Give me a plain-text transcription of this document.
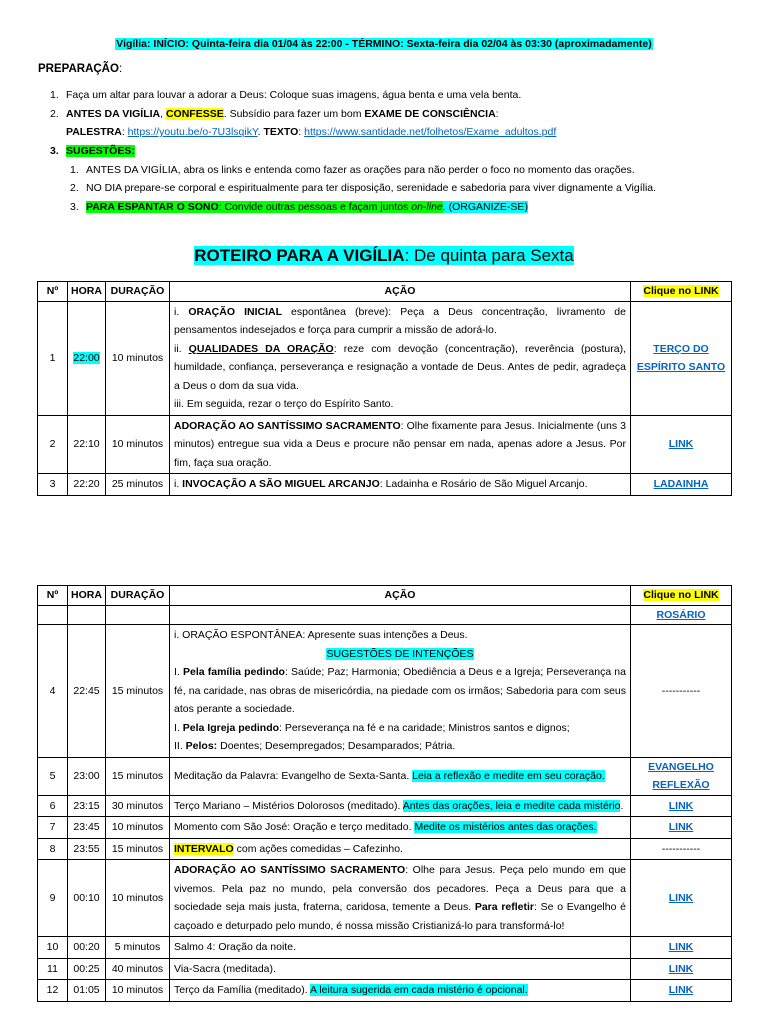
Vigília: INÍCIO: Quinta-feira dia 01/04 às 22:00 - TÉRMINO: Sexta-feira dia 02/04 às 03:30 (aproximadamente)
PREPARAÇÃO:
1. Faça um altar para louvar a adorar a Deus: Coloque suas imagens, água benta e uma vela benta.
2. ANTES DA VIGÍLIA, CONFESSE. Subsídio para fazer um bom EXAME DE CONSCIÊNCIA:
PALESTRA: https://youtu.be/o-7U3lsqikY. TEXTO: https://www.santidade.net/folhetos/Exame_adultos.pdf
3. SUGESTÕES:
1. ANTES DA VIGÍLIA, abra os links e entenda como fazer as orações para não perder o foco no momento das orações.
2. NO DIA prepare-se corporal e espiritualmente para ter disposição, serenidade e sabedoria para viver dignamente a Vigília.
3. PARA ESPANTAR O SONO: Convide outras pessoas e façam juntos on-line. (ORGANIZE-SE)
ROTEIRO PARA A VIGÍLIA: De quinta para Sexta
Nº	HORA	DURAÇÃO	AÇÃO	Clique no LINK
1	22:00	10 minutos	i. ORAÇÃO INICIAL espontânea (breve): Peça a Deus concentração, livramento de pensamentos indesejados e força para cumprir a missão de adorá-lo.
ii. QUALIDADES DA ORAÇÃO: reze com devoção (concentração), reverência (postura), humildade, confiança, perseverança e resignação a vontade de Deus. Antes de pedir, agradeça a Deus o dom da sua vida.
iii. Em seguida, rezar o terço do Espírito Santo.	TERÇO DO ESPÍRITO SANTO
2	22:10	10 minutos	ADORAÇÃO AO SANTÍSSIMO SACRAMENTO: Olhe fixamente para Jesus. Inicialmente (uns 3 minutos) entregue sua vida a Deus e procure não pensar em nada, apenas adore a Jesus. Por fim, faça sua oração.	LINK
3	22:20	25 minutos	i. INVOCAÇÃO A SÃO MIGUEL ARCANJO: Ladainha e Rosário de São Miguel Arcanjo.	LADAINHA
Nº	HORA	DURAÇÃO	AÇÃO	Clique no LINK
				ROSÁRIO
4	22:45	15 minutos	i. ORAÇÃO ESPONTÂNEA: Apresente suas intenções a Deus.
SUGESTÕES DE INTENÇÕES
I. Pela família pedindo: Saúde; Paz; Harmonia; Obediência a Deus e a Igreja; Perseverança na fé, na caridade, nas obras de misericórdia, na piedade com os irmãos; Sabedoria para com seus atos perante a sociedade.
I. Pela Igreja pedindo: Perseverança na fé e na caridade; Ministros santos e dignos;
II. Pelos: Doentes; Desempregados; Desamparados; Pátria.	-----------
5	23:00	15 minutos	Meditação da Palavra: Evangelho de Sexta-Santa. Leia a reflexão e medite em seu coração.	EVANGELHO
REFLEXÃO

6	23:15	30 minutos	Terço Mariano – Mistérios Dolorosos (meditado). Antes das orações, leia e medite cada mistério.	LINK
7	23:45	10 minutos	Momento com São José: Oração e terço meditado. Medite os mistérios antes das orações.	LINK
8	23:55	15 minutos	INTERVALO com ações comedidas – Cafezinho.	-----------
9	00:10	10 minutos	ADORAÇÃO AO SANTÍSSIMO SACRAMENTO: Olhe para Jesus. Peça pelo mundo em que vivemos. Pela paz no mundo, pela conversão dos pecadores. Peça a Deus para que a sociedade seja mais justa, fraterna, caridosa, temente a Deus. Para refletir: Se o Evangelho é caçoado e deturpado pelo mundo, é nossa missão Cristianizá-lo para transformá-lo!	LINK
10	00:20	5 minutos	Salmo 4: Oração da noite.	LINK
11	00:25	40 minutos	Via-Sacra (meditada).	LINK
12	01:05	10 minutos	Terço da Família (meditado). A leitura sugerida em cada mistério é opcional.	LINK
